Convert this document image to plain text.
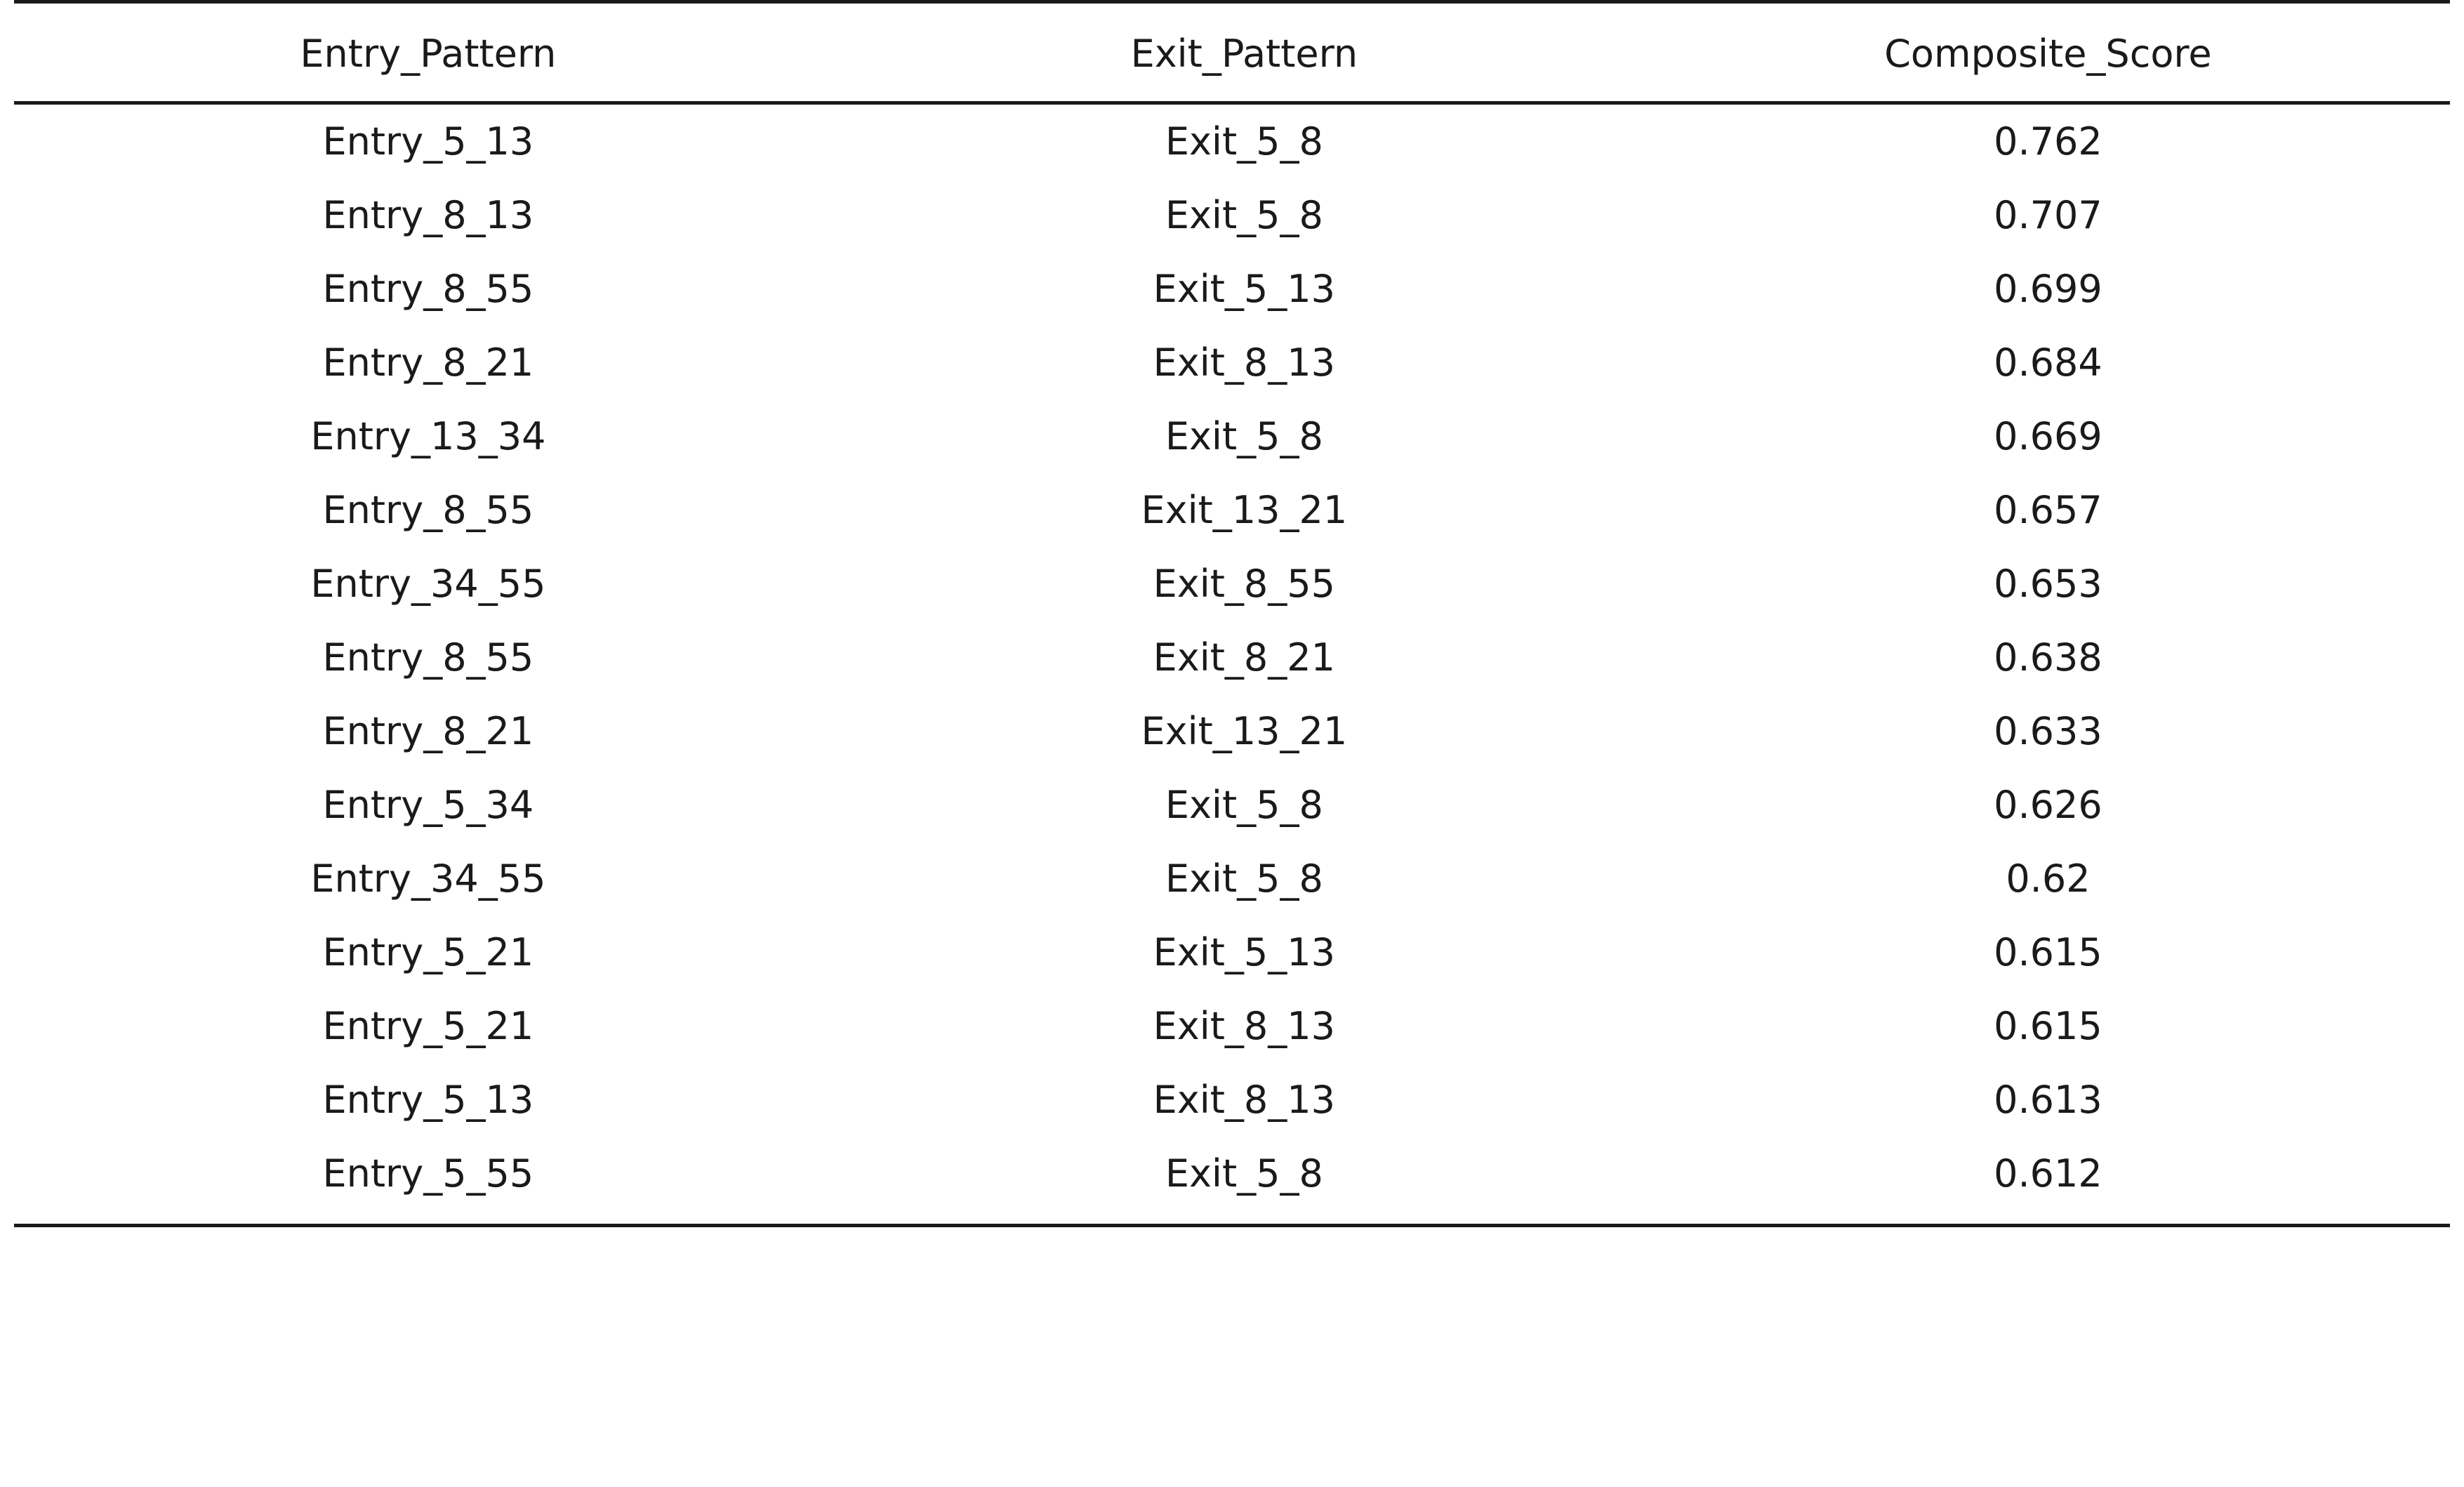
Entry_Pattern	Exit_Pattern	Composite_Score
Entry_5_13	Exit_5_8	0.762
Entry_8_13	Exit_5_8	0.707
Entry_8_55	Exit_5_13	0.699
Entry_8_21	Exit_8_13	0.684
Entry_13_34	Exit_5_8	0.669
Entry_8_55	Exit_13_21	0.657
Entry_34_55	Exit_8_55	0.653
Entry_8_55	Exit_8_21	0.638
Entry_8_21	Exit_13_21	0.633
Entry_5_34	Exit_5_8	0.626
Entry_34_55	Exit_5_8	0.62
Entry_5_21	Exit_5_13	0.615
Entry_5_21	Exit_8_13	0.615
Entry_5_13	Exit_8_13	0.613
Entry_5_55	Exit_5_8	0.612
